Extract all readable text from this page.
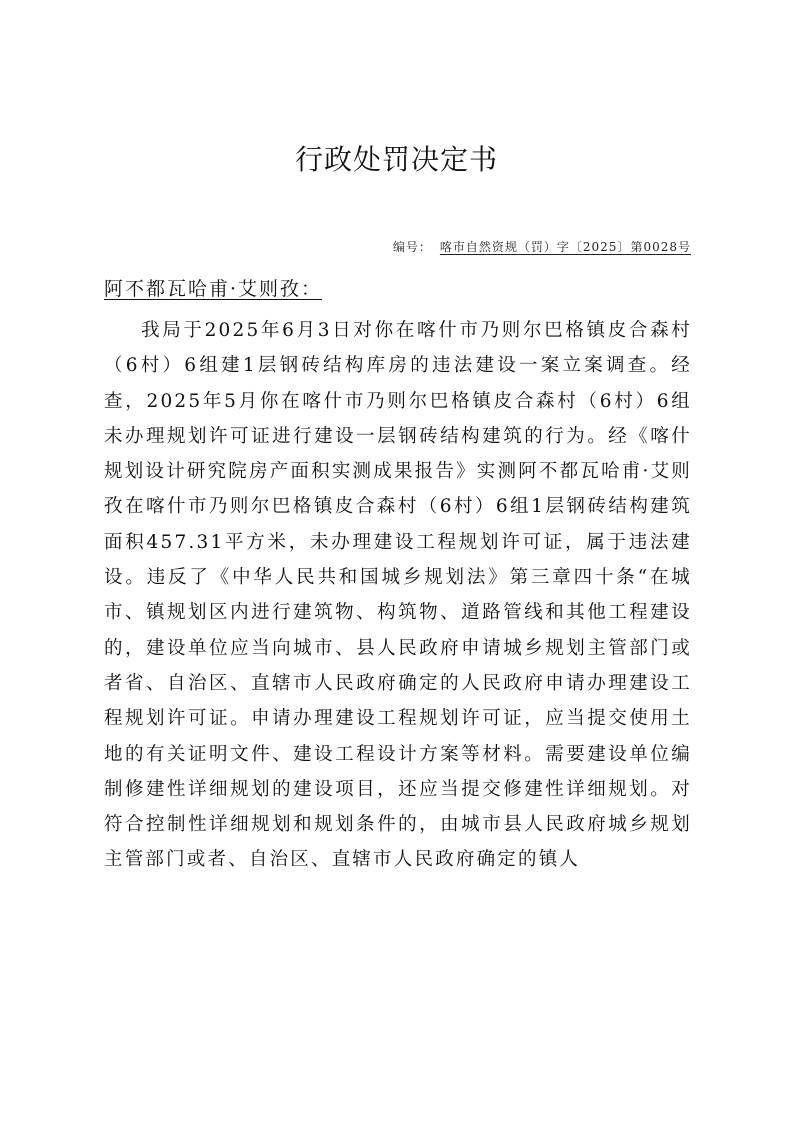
行政处罚决定书
编号： 喀市自然资规（罚）字〔2025〕第0028号
阿不都瓦哈甫·艾则孜：

我局于2025年6月3日对你在喀什市乃则尔巴格镇皮合森村（6村）6组建1层钢砖结构库房的违法建设一案立案调查。经查，2025年5月你在喀什市乃则尔巴格镇皮合森村（6村）6组未办理规划许可证进行建设一层钢砖结构建筑的行为。经《喀什规划设计研究院房产面积实测成果报告》实测阿不都瓦哈甫·艾则孜在喀什市乃则尔巴格镇皮合森村（6村）6组1层钢砖结构建筑面积457.31平方米，未办理建设工程规划许可证，属于违法建设。违反了《中华人民共和国城乡规划法》第三章四十条“在城市、镇规划区内进行建筑物、构筑物、道路管线和其他工程建设的，建设单位应当向城市、县人民政府申请城乡规划主管部门或者省、自治区、直辖市人民政府确定的人民政府申请办理建设工程规划许可证。申请办理建设工程规划许可证，应当提交使用土地的有关证明文件、建设工程设计方案等材料。需要建设单位编制修建性详细规划的建设项目，还应当提交修建性详细规划。对符合控制性详细规划和规划条件的，由城市县人民政府城乡规划主管部门或者、自治区、直辖市人民政府确定的镇人
